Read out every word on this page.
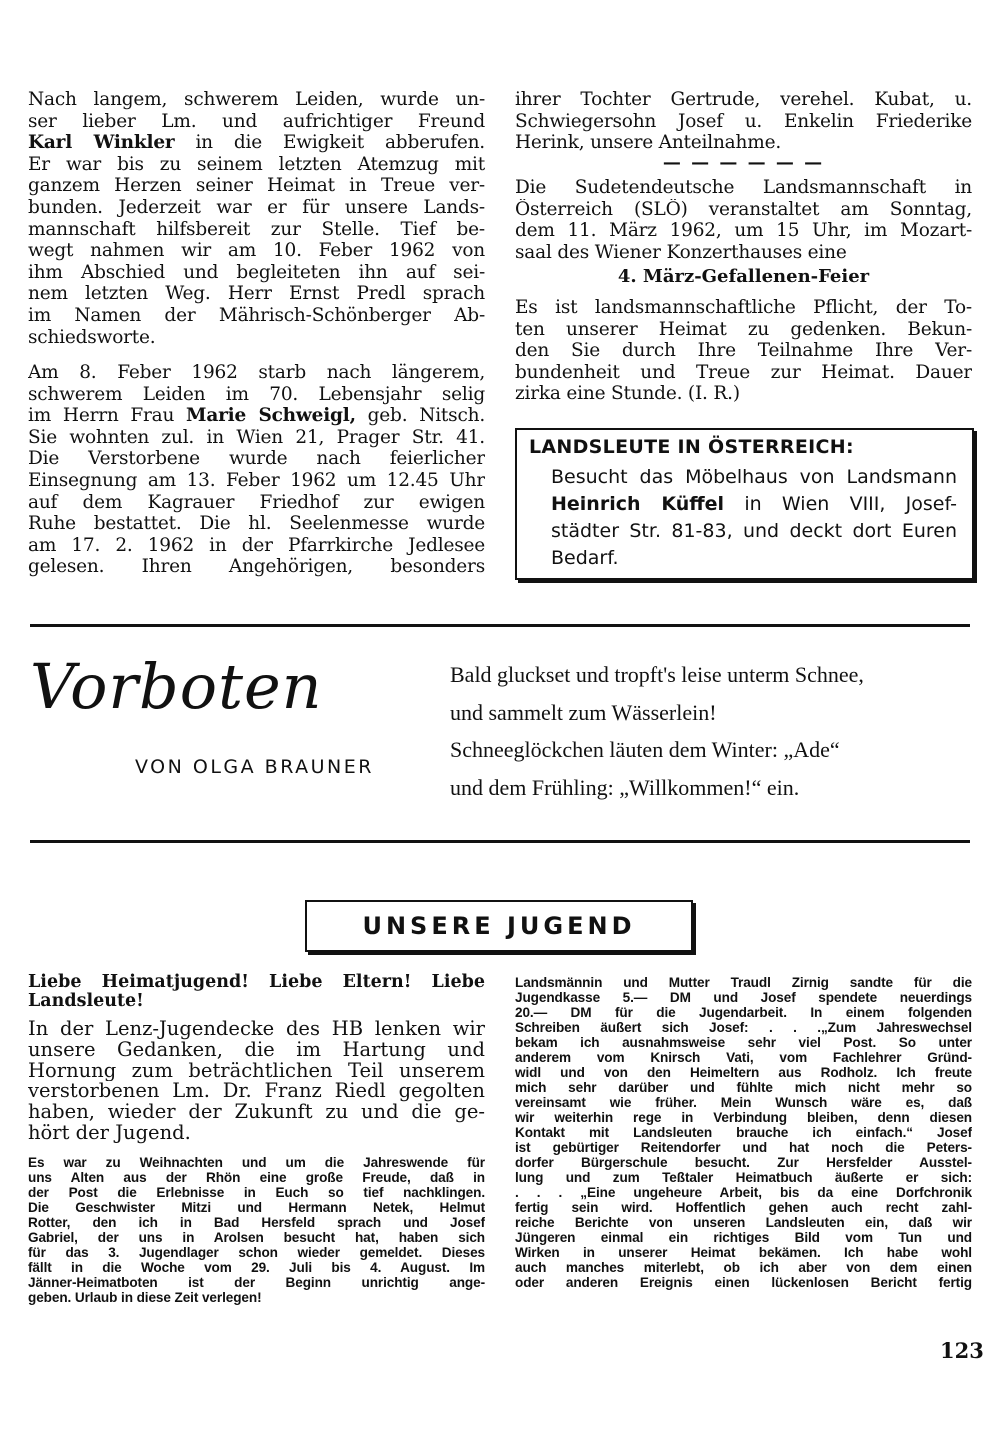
Nach langem, schwerem Leiden, wurde un-
ser lieber Lm. und aufrichtiger Freund
Karl Winkler in die Ewigkeit abberufen.
Er war bis zu seinem letzten Atemzug mit
ganzem Herzen seiner Heimat in Treue ver-
bunden. Jederzeit war er für unsere Lands-
mannschaft hilfsbereit zur Stelle. Tief be-
wegt nahmen wir am 10. Feber 1962 von
ihm Abschied und begleiteten ihn auf sei-
nem letzten Weg. Herr Ernst Predl sprach
im Namen der Mährisch-Schönberger Ab-
schiedsworte.
Am 8. Feber 1962 starb nach längerem,
schwerem Leiden im 70. Lebensjahr selig
im Herrn Frau Marie Schweigl, geb. Nitsch.
Sie wohnten zul. in Wien 21, Prager Str. 41.
Die Verstorbene wurde nach feierlicher
Einsegnung am 13. Feber 1962 um 12.45 Uhr
auf dem Kagrauer Friedhof zur ewigen
Ruhe bestattet. Die hl. Seelenmesse wurde
am 17. 2. 1962 in der Pfarrkirche Jedlesee
gelesen. Ihren Angehörigen, besonders
ihrer Tochter Gertrude, verehel. Kubat, u.
Schwiegersohn Josef u. Enkelin Friederike
Herink, unsere Anteilnahme.
— — — — — —
Die Sudetendeutsche Landsmannschaft in
Österreich (SLÖ) veranstaltet am Sonntag,
dem 11. März 1962, um 15 Uhr, im Mozart-
saal des Wiener Konzerthauses eine
4. März-Gefallenen-Feier
Es ist landsmannschaftliche Pflicht, der To-
ten unserer Heimat zu gedenken. Bekun-
den Sie durch Ihre Teilnahme Ihre Ver-
bundenheit und Treue zur Heimat. Dauer
zirka eine Stunde. (I. R.)
LANDSLEUTE IN ÖSTERREICH:
Besucht das Möbelhaus von Landsmann
Heinrich Küffel in Wien VIII, Josef-
städter Str. 81-83, und deckt dort Euren
Bedarf.
Vorboten
VON OLGA BRAUNER
Bald gluckset und tropft's leise unterm Schnee,
und sammelt zum Wässerlein!
Schneeglöckchen läuten dem Winter: „Ade“
und dem Frühling: „Willkommen!“ ein.
UNSERE JUGEND
Liebe Heimatjugend! Liebe Eltern! Liebe
Landsleute!
In der Lenz-Jugendecke des HB lenken wir
unsere Gedanken, die im Hartung und
Hornung zum beträchtlichen Teil unserem
verstorbenen Lm. Dr. Franz Riedl gegolten
haben, wieder der Zukunft zu und die ge-
hört der Jugend.
Es war zu Weihnachten und um die Jahreswende für
uns Alten aus der Rhön eine große Freude, daß in
der Post die Erlebnisse in Euch so tief nachklingen.
Die Geschwister Mitzi und Hermann Netek, Helmut
Rotter, den ich in Bad Hersfeld sprach und Josef
Gabriel, der uns in Arolsen besucht hat, haben sich
für das 3. Jugendlager schon wieder gemeldet. Dieses
fällt in die Woche vom 29. Juli bis 4. August. Im
Jänner-Heimatboten ist der Beginn unrichtig ange-
geben. Urlaub in diese Zeit verlegen!
Landsmännin und Mutter Traudl Zirnig sandte für die
Jugendkasse 5.— DM und Josef spendete neuerdings
20.— DM für die Jugendarbeit. In einem folgenden
Schreiben äußert sich Josef: . . .„Zum Jahreswechsel
bekam ich ausnahmsweise sehr viel Post. So unter
anderem vom Knirsch Vati, vom Fachlehrer Gründ-
widl und von den Heimeltern aus Rodholz. Ich freute
mich sehr darüber und fühlte mich nicht mehr so
vereinsamt wie früher. Mein Wunsch wäre es, daß
wir weiterhin rege in Verbindung bleiben, denn diesen
Kontakt mit Landsleuten brauche ich einfach.“ Josef
ist gebürtiger Reitendorfer und hat noch die Peters-
dorfer Bürgerschule besucht. Zur Hersfelder Ausstel-
lung und zum Teßtaler Heimatbuch äußerte er sich:
. . . „Eine ungeheure Arbeit, bis da eine Dorfchronik
fertig sein wird. Hoffentlich gehen auch recht zahl-
reiche Berichte von unseren Landsleuten ein, daß wir
Jüngeren einmal ein richtiges Bild vom Tun und
Wirken in unserer Heimat bekämen. Ich habe wohl
auch manches miterlebt, ob ich aber von dem einen
oder anderen Ereignis einen lückenlosen Bericht fertig
123
